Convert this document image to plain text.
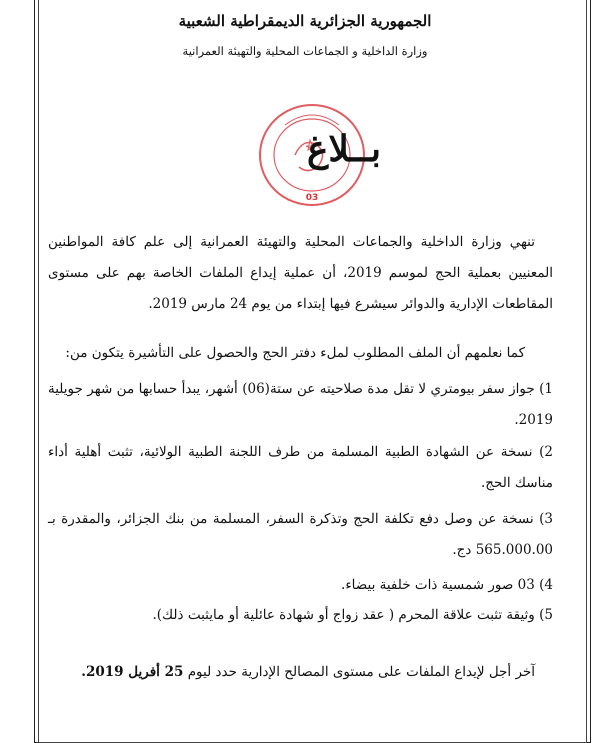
الجمهورية الجزائرية الديمقراطية الشعبية
وزارة الداخلية و الجماعات المحلية والتهيئة العمرانية
03
بــلاغ
تنهي وزارة الداخلية والجماعات المحلية والتهيئة العمرانية إلى علم كافة المواطنين المعنيين بعملية الحج لموسم 2019، أن عملية إيداع الملفات الخاصة بهم على مستوى المقاطعات الإدارية والدوائر سيشرع فيها إبتداء من يوم 24 مارس 2019.
كما نعلمهم أن الملف المطلوب لملء دفتر الحج والحصول على التأشيرة يتكون من:
1) جواز سفر بيومتري لا تقل مدة صلاحيته عن ستة(06) أشهر، يبدأ حسابها من شهر جويلية 2019.
2) نسخة عن الشهادة الطبية المسلمة من طرف اللجنة الطبية الولائية، تثبت أهلية أداء مناسك الحج.
3) نسخة عن وصل دفع تكلفة الحج وتذكرة السفر، المسلمة من بنك الجزائر، والمقدرة بـ 565.000.00 دج.
4) 03 صور شمسية ذات خلفية بيضاء.
5) وثيقة تثبت علاقة المحرم ( عقد زواج أو شهادة عائلية أو مايثبت ذلك).
آخر أجل لإيداع الملفات على مستوى المصالح الإدارية حدد ليوم 25 أفريل 2019.
